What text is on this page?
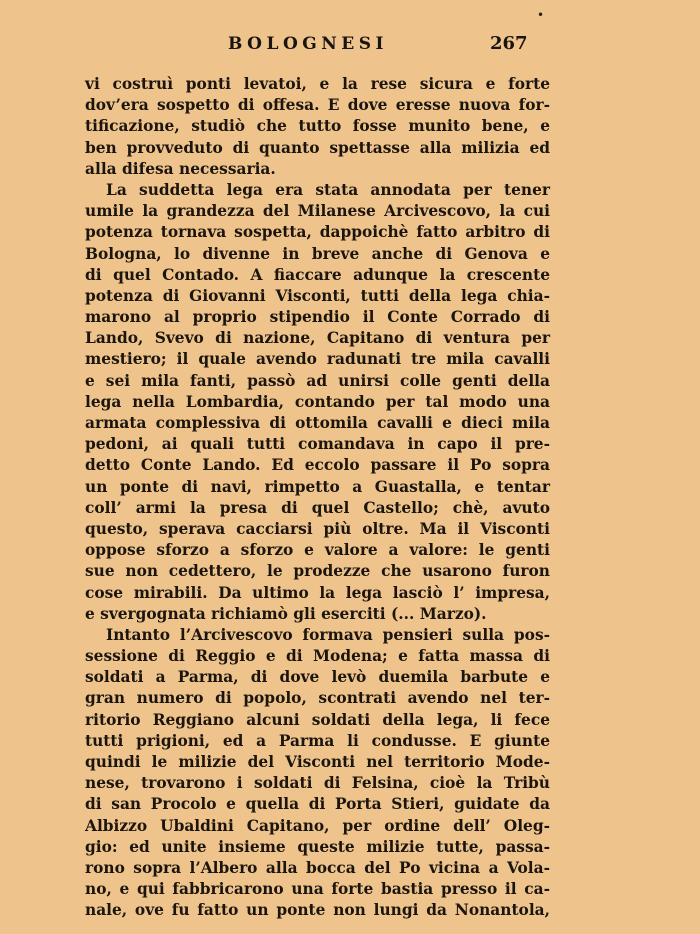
•
BOLOGNESI	267
vi costruì ponti levatoi, e la rese sicura e forte
dov’era sospetto di offesa. E dove eresse nuova for-
tificazione, studiò che tutto fosse munito bene, e
ben provveduto di quanto spettasse alla milizia ed
alla difesa necessaria.
La suddetta lega era stata annodata per tener
umile la grandezza del Milanese Arcivescovo, la cui
potenza tornava sospetta, dappoichè fatto arbitro di
Bologna, lo divenne in breve anche di Genova e
di quel Contado. A fiaccare adunque la crescente
potenza di Giovanni Visconti, tutti della lega chia-
marono al proprio stipendio il Conte Corrado di
Lando, Svevo di nazione, Capitano di ventura per
mestiero; il quale avendo radunati tre mila cavalli
e sei mila fanti, passò ad unirsi colle genti della
lega nella Lombardia, contando per tal modo una
armata complessiva di ottomila cavalli e dieci mila
pedoni, ai quali tutti comandava in capo il pre-
detto Conte Lando. Ed eccolo passare il Po sopra
un ponte di navi, rimpetto a Guastalla, e tentar
coll’ armi la presa di quel Castello; chè, avuto
questo, sperava cacciarsi più oltre. Ma il Visconti
oppose sforzo a sforzo e valore a valore: le genti
sue non cedettero, le prodezze che usarono furon
cose mirabili. Da ultimo la lega lasciò l’ impresa,
e svergognata richiamò gli eserciti (... Marzo).
Intanto l’Arcivescovo formava pensieri sulla pos-
sessione di Reggio e di Modena; e fatta massa di
soldati a Parma, di dove levò duemila barbute e
gran numero di popolo, scontrati avendo nel ter-
ritorio Reggiano alcuni soldati della lega, li fece
tutti prigioni, ed a Parma li condusse. E giunte
quindi le milizie del Visconti nel territorio Mode-
nese, trovarono i soldati di Felsina, cioè la Tribù
di san Procolo e quella di Porta Stieri, guidate da
Albizzo Ubaldini Capitano, per ordine dell’ Oleg-
gio: ed unite insieme queste milizie tutte, passa-
rono sopra l’Albero alla bocca del Po vicina a Vola-
no, e qui fabbricarono una forte bastia presso il ca-
nale, ove fu fatto un ponte non lungi da Nonantola,
